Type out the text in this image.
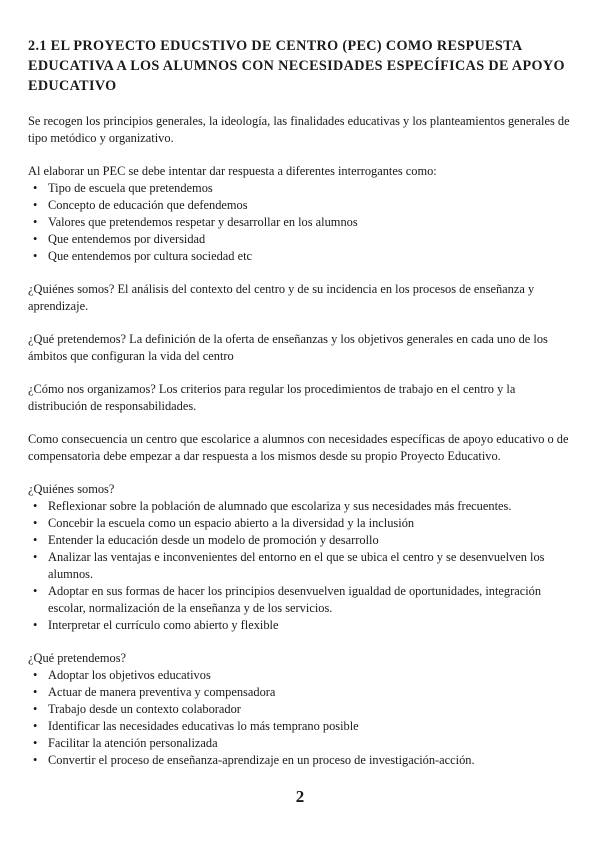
2.1 EL PROYECTO EDUCSTIVO DE CENTRO (PEC) COMO RESPUESTA EDUCATIVA A LOS ALUMNOS CON NECESIDADES ESPECÍFICAS DE APOYO EDUCATIVO

Se recogen los principios generales, la ideología, las finalidades educativas y los planteamientos generales de tipo metódico y organizativo.

Al elaborar un PEC se debe intentar dar respuesta a diferentes interrogantes como:

• Tipo de escuela que pretendemos
• Concepto de educación que defendemos
• Valores que pretendemos respetar y desarrollar en los alumnos
• Que entendemos por diversidad
• Que entendemos por cultura sociedad etc

¿Quiénes somos? El análisis del contexto del centro y de su incidencia en los procesos de enseñanza y aprendizaje.

¿Qué pretendemos? La definición de la oferta de enseñanzas y los objetivos generales en cada uno de los ámbitos que configuran la vida del centro

¿Cómo nos organizamos? Los criterios para regular los procedimientos de trabajo en el centro y la distribución de responsabilidades.

Como consecuencia un centro que escolarice a alumnos con necesidades específicas de apoyo educativo o de compensatoria debe empezar a dar respuesta a los mismos desde su propio Proyecto Educativo.

¿Quiénes somos?

• Reflexionar sobre la población de alumnado que escolariza y sus necesidades más frecuentes.
• Concebir la escuela como un espacio abierto a la diversidad y la inclusión
• Entender la educación desde un modelo de promoción y desarrollo
• Analizar las ventajas e inconvenientes del entorno en el que se ubica el centro y se desenvuelven los alumnos.
• Adoptar en sus formas de hacer los principios desenvuelven igualdad de oportunidades, integración escolar, normalización de la enseñanza y de los servicios.
• Interpretar el currículo como abierto y flexible

¿Qué pretendemos?

• Adoptar los objetivos educativos
• Actuar de manera preventiva y compensadora
• Trabajo desde un contexto colaborador
• Identificar las necesidades educativas lo más temprano posible
• Facilitar la atención personalizada
• Convertir el proceso de enseñanza-aprendizaje en un proceso de investigación-acción.
2
